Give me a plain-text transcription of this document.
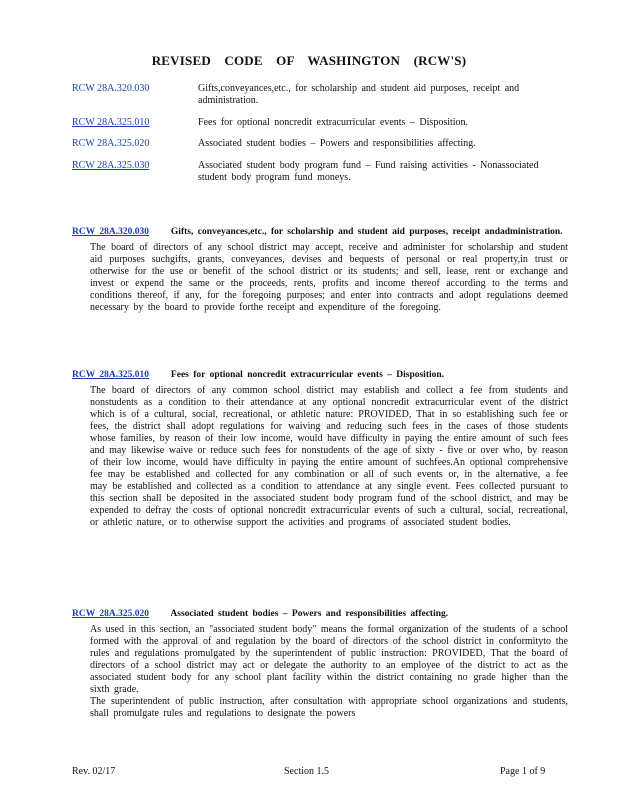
REVISED CODE OF WASHINGTON (RCW'S)
RCW 28A.320.030	Gifts,conveyances,etc., for scholarship and student aid purposes, receipt and administration.
RCW 28A.325.010	Fees for optional noncredit extracurricular events – Disposition.
RCW 28A.325.020	Associated student bodies – Powers and responsibilities affecting.
RCW 28A.325.030	Associated student body program fund – Fund raising activities - Nonassociated student body program fund moneys.
RCW 28A.320.030 Gifts, conveyances,etc., for scholarship and student aid purposes, receipt andadministration.
The board of directors of any school district may accept, receive and administer for scholarship and student aid purposes suchgifts, grants, conveyances, devises and bequests of personal or real property,in trust or otherwise for the use or benefit of the school district or its students; and sell, lease, rent or exchange and invest or expend the same or the proceeds, rents, profits and income thereof according to the terms and conditions thereof, if any, for the foregoing purposes; and enter into contracts and adopt regulations deemed necessary by the board to provide forthe receipt and expenditure of the foregoing.
RCW 28A.325.010 Fees for optional noncredit extracurricular events – Disposition.
The board of directors of any common school district may establish and collect a fee from students and nonstudents as a condition to their attendance at any optional noncredit extracurricular event of the district which is of a cultural, social, recreational, or athletic nature: PROVIDED, That in so establishing such fee or fees, the district shall adopt regulations for waiving and reducing such fees in the cases of those students whose families, by reason of their low income, would have difficulty in paying the entire amount of such fees and may likewise waive or reduce such fees for nonstudents of the age of sixty - five or over who, by reason of their low income, would have difficulty in paying the entire amount of suchfees.An optional comprehensive fee may be established and collected for any combination or all of such events or, in the alternative, a fee may be established and collected as a condition to attendance at any single event. Fees collected pursuant to this section shall be deposited in the associated student body program fund of the school district, and may be expended to defray the costs of optional noncredit extracurricular events of such a cultural, social, recreational, or athletic nature, or to otherwise support the activities and programs of associated student bodies.
RCW 28A.325.020 Associated student bodies – Powers and responsibilities affecting.
As used in this section, an "associated student body" means the formal organization of the students of a school formed with the approval of and regulation by the board of directors of the school district in conformityto the rules and regulations promulgated by the superintendent of public instruction: PROVIDED, That the board of directors of a school district may act or delegate the authority to an employee of the district to act as the associated student body for any school plant facility within the district containing no grade higher than the sixth grade.
The superintendent of public instruction, after consultation with appropriate school organizations and students, shall promulgate rules and regulations to designate the powers
Rev. 02/17	Section 1.5	Page 1 of 9
